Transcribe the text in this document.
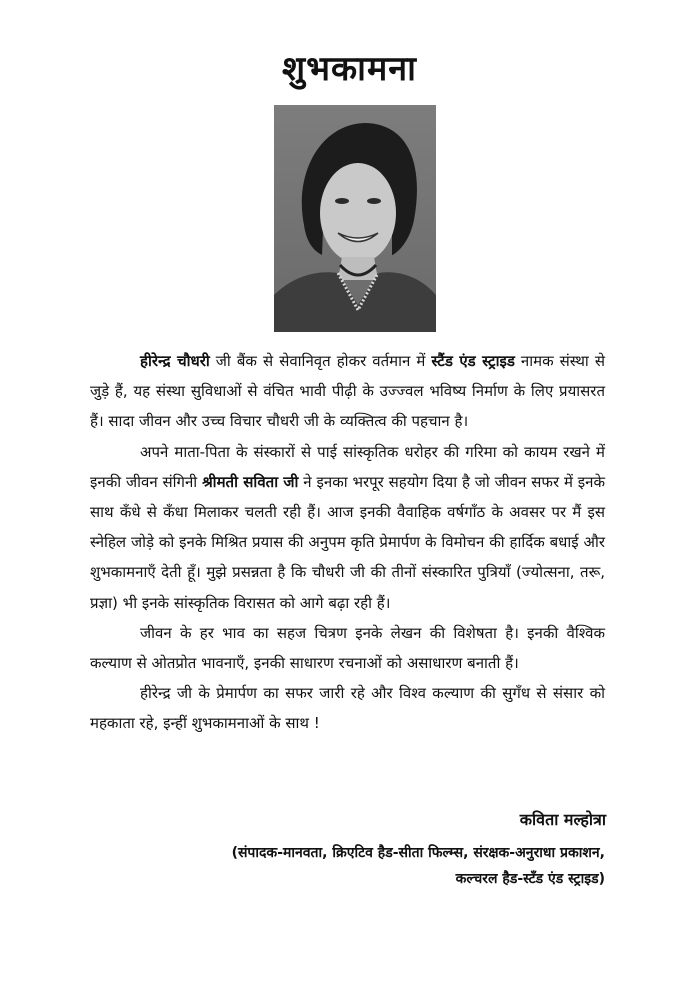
शुभकामना

हीरेन्द्र चौधरी जी बैंक से सेवानिवृत होकर वर्तमान में स्टैंड एंड स्ट्राइड नामक संस्था से जुड़े हैं, यह संस्था सुविधाओं से वंचित भावी पीढ़ी के उज्ज्वल भविष्य निर्माण के लिए प्रयासरत हैं। सादा जीवन और उच्च विचार चौधरी जी के व्यक्तित्व की पहचान है।

अपने माता-पिता के संस्कारों से पाई सांस्कृतिक धरोहर की गरिमा को कायम रखने में इनकी जीवन संगिनी श्रीमती सविता जी ने इनका भरपूर सहयोग दिया है जो जीवन सफर में इनके साथ कँधे से कँधा मिलाकर चलती रही हैं। आज इनकी वैवाहिक वर्षगाँठ के अवसर पर मैं इस स्नेहिल जोड़े को इनके मिश्रित प्रयास की अनुपम कृति प्रेमार्पण के विमोचन की हार्दिक बधाई और शुभकामनाएँ देती हूँ। मुझे प्रसन्नता है कि चौधरी जी की तीनों संस्कारित पुत्रियाँ (ज्योत्सना, तरू, प्रज्ञा) भी इनके सांस्कृतिक विरासत को आगे बढ़ा रही हैं।

जीवन के हर भाव का सहज चित्रण इनके लेखन की विशेषता है। इनकी वैश्विक कल्याण से ओतप्रोत भावनाएँ, इनकी साधारण रचनाओं को असाधारण बनाती हैं।

हीरेन्द्र जी के प्रेमार्पण का सफर जारी रहे और विश्व कल्याण की सुगँध से संसार को महकाता रहे, इन्हीं शुभकामनाओं के साथ !

कविता मल्होत्रा
(संपादक-मानवता, क्रिएटिव हैड-सीता फिल्म्स, संरक्षक-अनुराधा प्रकाशन,
कल्चरल हैड-स्टँड एंड स्ट्राइड)
